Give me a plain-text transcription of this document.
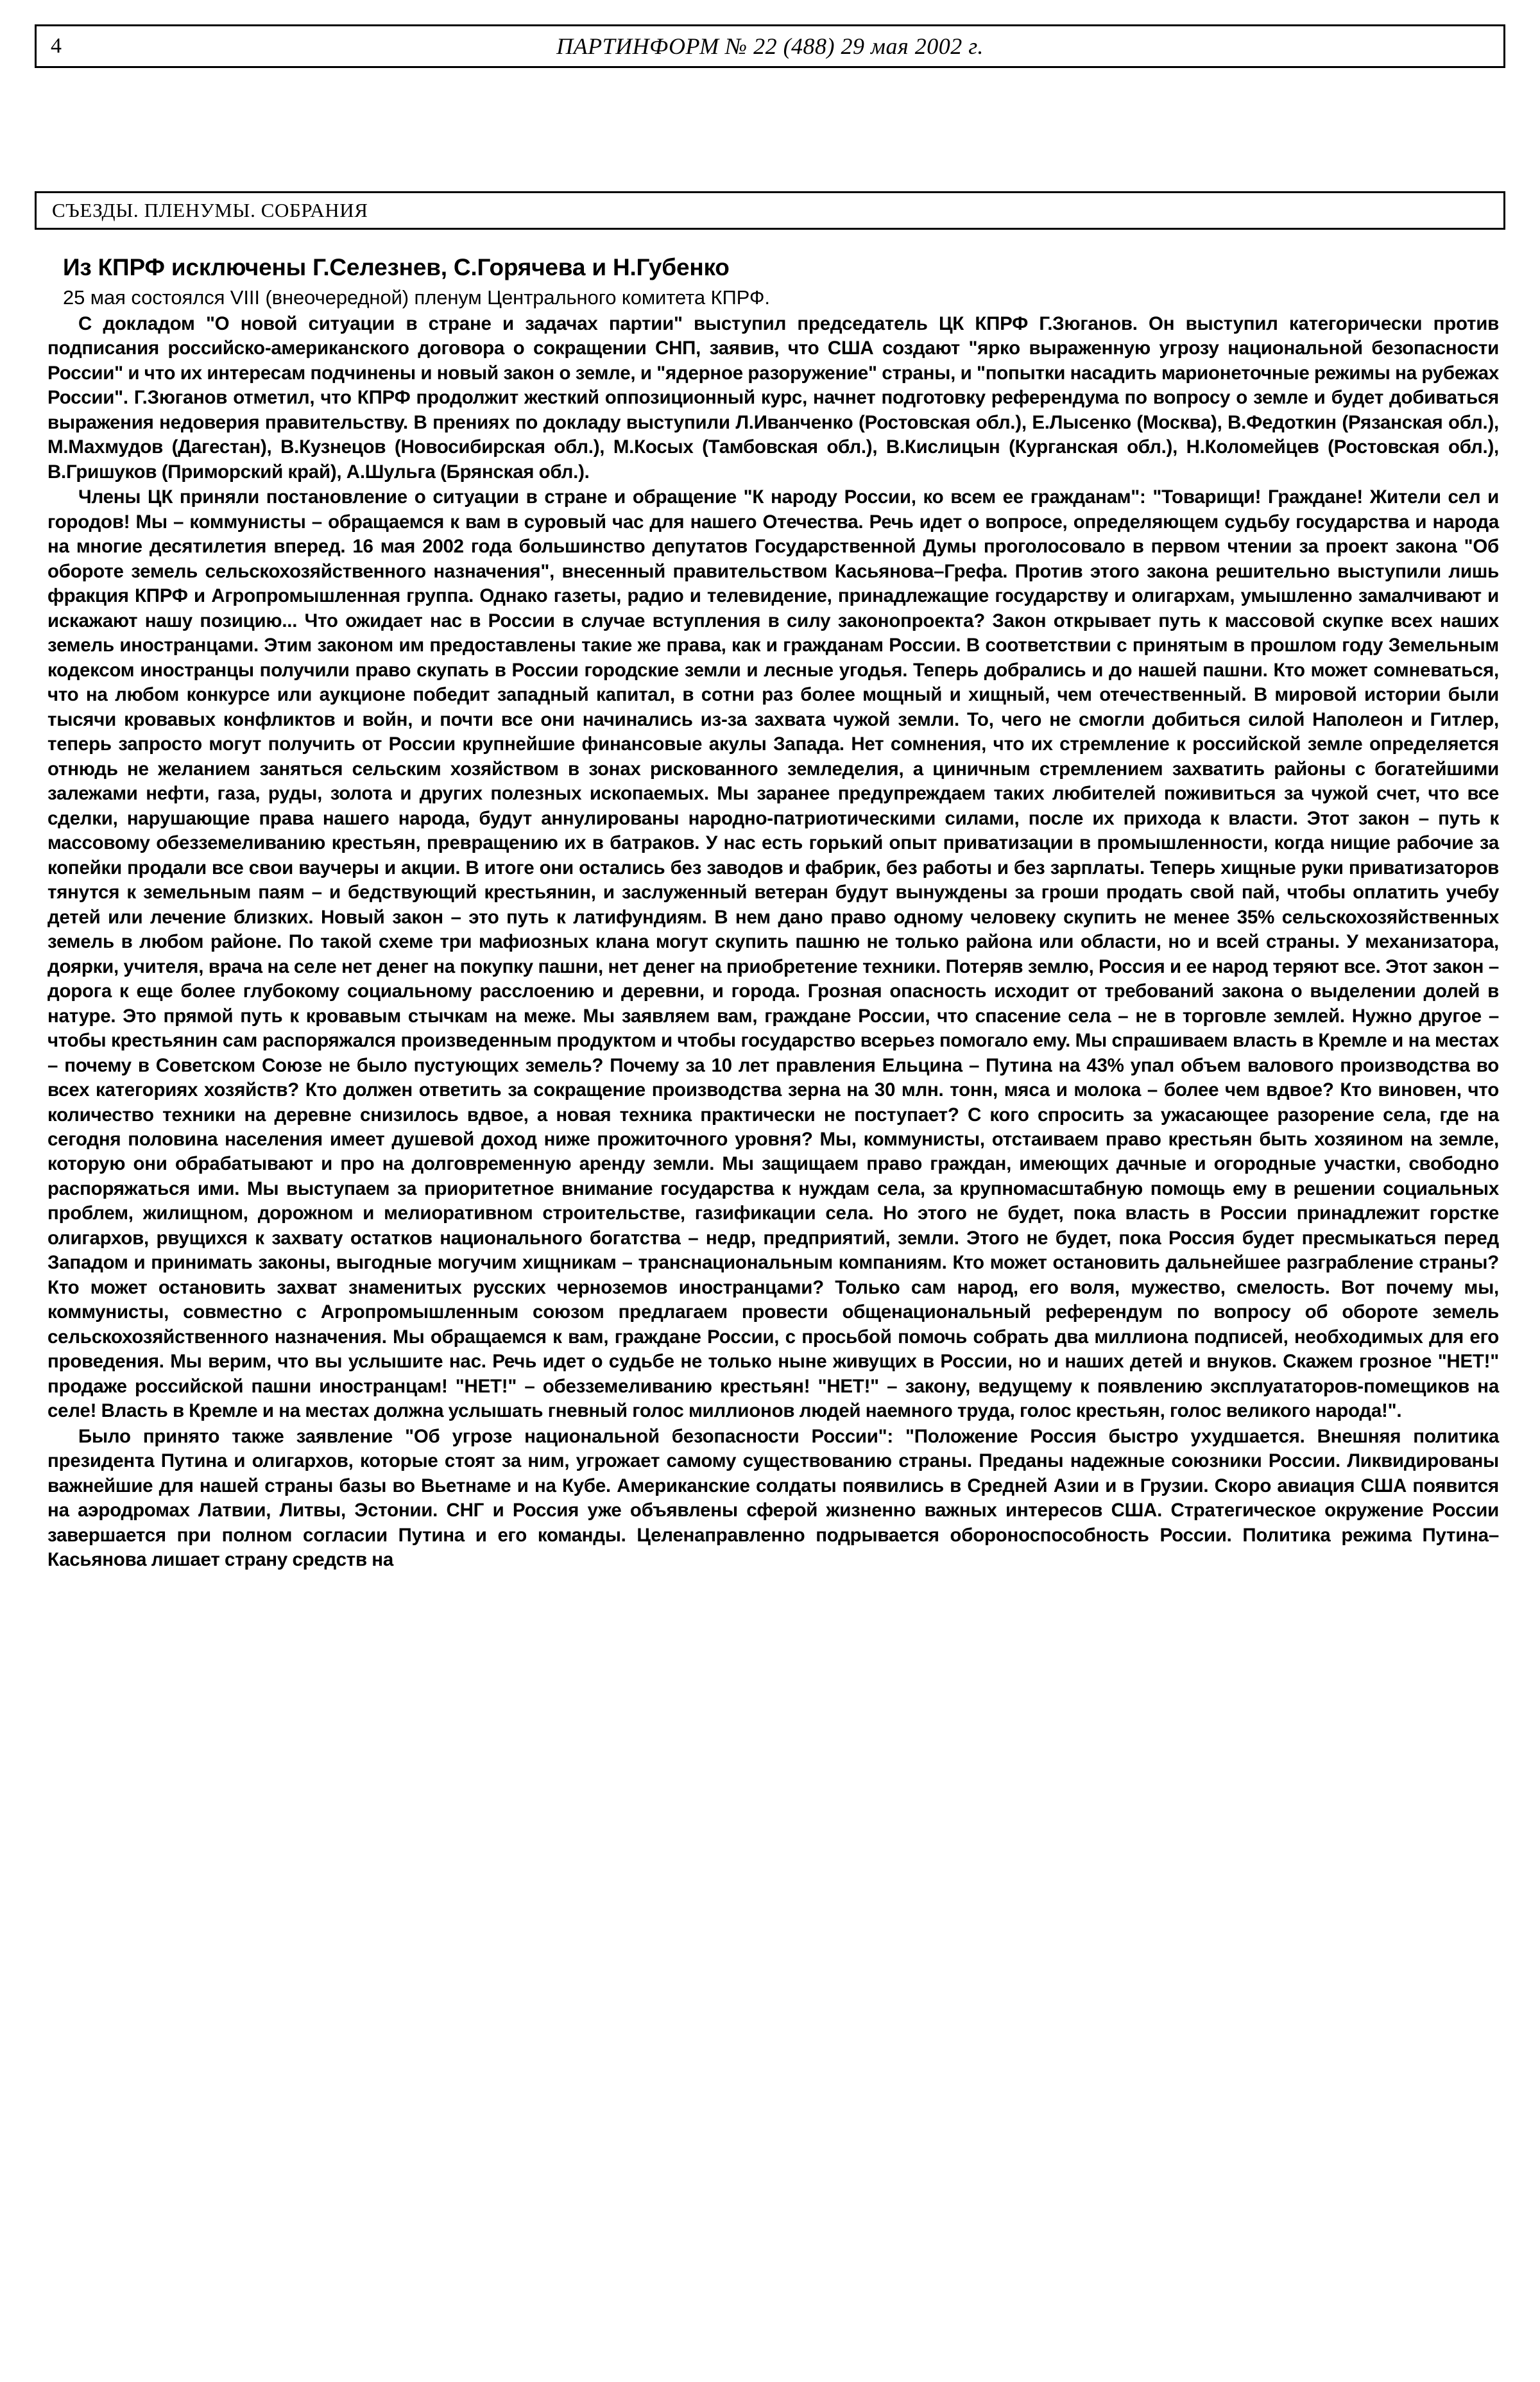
4	ПАРТИНФОРМ № 22 (488) 29 мая 2002 г.
СЪЕЗДЫ. ПЛЕНУМЫ. СОБРАНИЯ
Из КПРФ исключены Г.Селезнев, С.Горячева и Н.Губенко
25 мая состоялся VIII (внеочередной) пленум Центрального комитета КПРФ.

С докладом "О новой ситуации в стране и задачах партии" выступил председатель ЦК КПРФ Г.Зюганов. Он выступил категорически против подписания российско-американского договора о сокращении СНП, заявив, что США создают "ярко выраженную угрозу национальной безопасности России" и что их интересам подчинены и новый закон о земле, и "ядерное разоружение" страны, и "попытки насадить марионеточные режимы на рубежах России". Г.Зюганов отметил, что КПРФ продолжит жесткий оппозиционный курс, начнет подготовку референдума по вопросу о земле и будет добиваться выражения недоверия правительству. В прениях по докладу выступили Л.Иванченко (Ростовская обл.), Е.Лысенко (Москва), В.Федоткин (Рязанская обл.), М.Махмудов (Дагестан), В.Кузнецов (Новосибирская обл.), М.Косых (Тамбовская обл.), В.Кислицын (Курганская обл.), Н.Коломейцев (Ростовская обл.), В.Гришуков (Приморский край), А.Шульга (Брянская обл.).

Члены ЦК приняли постановление о ситуации в стране и обращение "К народу России, ко всем ее гражданам": "Товарищи! Граждане! Жители сел и городов! Мы – коммунисты – обращаемся к вам в суровый час для нашего Отечества. Речь идет о вопросе, определяющем судьбу государства и народа на многие десятилетия вперед. 16 мая 2002 года большинство депутатов Государственной Думы проголосовало в первом чтении за проект закона "Об обороте земель сельскохозяйственного назначения", внесенный правительством Касьянова–Грефа. Против этого закона решительно выступили лишь фракция КПРФ и Агропромышленная группа. Однако газеты, радио и телевидение, принадлежащие государству и олигархам, умышленно замалчивают и искажают нашу позицию... Что ожидает нас в России в случае вступления в силу законопроекта? Закон открывает путь к массовой скупке всех наших земель иностранцами. Этим законом им предоставлены такие же права, как и гражданам России. В соответствии с принятым в прошлом году Земельным кодексом иностранцы получили право скупать в России городские земли и лесные угодья. Теперь добрались и до нашей пашни. Кто может сомневаться, что на любом конкурсе или аукционе победит западный капитал, в сотни раз более мощный и хищный, чем отечественный. В мировой истории были тысячи кровавых конфликтов и войн, и почти все они начинались из-за захвата чужой земли. То, чего не смогли добиться силой Наполеон и Гитлер, теперь запросто могут получить от России крупнейшие финансовые акулы Запада. Нет сомнения, что их стремление к российской земле определяется отнюдь не желанием заняться сельским хозяйством в зонах рискованного земледелия, а циничным стремлением захватить районы с богатейшими залежами нефти, газа, руды, золота и других полезных ископаемых. Мы заранее предупреждаем таких любителей поживиться за чужой счет, что все сделки, нарушающие права нашего народа, будут аннулированы народно-патриотическими силами, после их прихода к власти. Этот закон – путь к массовому обезземеливанию крестьян, превращению их в батраков. У нас есть горький опыт приватизации в промышленности, когда нищие рабочие за копейки продали все свои ваучеры и акции. В итоге они остались без заводов и фабрик, без работы и без зарплаты. Теперь хищные руки приватизаторов тянутся к земельным паям – и бедствующий крестьянин, и заслуженный ветеран будут вынуждены за гроши продать свой пай, чтобы оплатить учебу детей или лечение близких. Новый закон – это путь к латифундиям. В нем дано право одному человеку скупить не менее 35% сельскохозяйственных земель в любом районе. По такой схеме три мафиозных клана могут скупить пашню не только района или области, но и всей страны. У механизатора, доярки, учителя, врача на селе нет денег на покупку пашни, нет денег на приобретение техники. Потеряв землю, Россия и ее народ теряют все. Этот закон – дорога к еще более глубокому социальному расслоению и деревни, и города. Грозная опасность исходит от требований закона о выделении долей в натуре. Это прямой путь к кровавым стычкам на меже. Мы заявляем вам, граждане России, что спасение села – не в торговле землей. Нужно другое – чтобы крестьянин сам распоряжался произведенным продуктом и чтобы государство всерьез помогало ему. Мы спрашиваем власть в Кремле и на местах – почему в Советском Союзе не было пустующих земель? Почему за 10 лет правления Ельцина – Путина на 43% упал объем валового производства во всех категориях хозяйств? Кто должен ответить за сокращение производства зерна на 30 млн. тонн, мяса и молока – более чем вдвое? Кто виновен, что количество техники на деревне снизилось вдвое, а новая техника практически не поступает? С кого спросить за ужасающее разорение села, где на сегодня половина населения имеет душевой доход ниже прожиточного уровня? Мы, коммунисты, отстаиваем право крестьян быть хозяином на земле, которую они обрабатывают и про на долговременную аренду земли. Мы защищаем право граждан, имеющих дачные и огородные участки, свободно распоряжаться ими. Мы выступаем за приоритетное внимание государства к нуждам села, за крупномасштабную помощь ему в решении социальных проблем, жилищном, дорожном и мелиоративном строительстве, газификации села. Но этого не будет, пока власть в России принадлежит горстке олигархов, рвущихся к захвату остатков национального богатства – недр, предприятий, земли. Этого не будет, пока Россия будет пресмыкаться перед Западом и принимать законы, выгодные могучим хищникам – транснациональным компаниям. Кто может остановить дальнейшее разграбление страны? Кто может остановить захват знаменитых русских черноземов иностранцами? Только сам народ, его воля, мужество, смелость. Вот почему мы, коммунисты, совместно с Агропромышленным союзом предлагаем провести общенациональный референдум по вопросу об обороте земель сельскохозяйственного назначения. Мы обращаемся к вам, граждане России, с просьбой помочь собрать два миллиона подписей, необходимых для его проведения. Мы верим, что вы услышите нас. Речь идет о судьбе не только ныне живущих в России, но и наших детей и внуков. Скажем грозное "НЕТ!" продаже российской пашни иностранцам! "НЕТ!" – обезземеливанию крестьян! "НЕТ!" – закону, ведущему к появлению эксплуататоров-помещиков на селе! Власть в Кремле и на местах должна услышать гневный голос миллионов людей наемного труда, голос крестьян, голос великого народа!".

Было принято также заявление "Об угрозе национальной безопасности России": "Положение Россия быстро ухудшается. Внешняя политика президента Путина и олигархов, которые стоят за ним, угрожает самому существованию страны. Преданы надежные союзники России. Ликвидированы важнейшие для нашей страны базы во Вьетнаме и на Кубе. Американские солдаты появились в Средней Азии и в Грузии. Скоро авиация США появится на аэродромах Латвии, Литвы, Эстонии. СНГ и Россия уже объявлены сферой жизненно важных интересов США. Стратегическое окружение России завершается при полном согласии Путина и его команды. Целенаправленно подрывается обороноспособность России. Политика режима Путина–Касьянова лишает страну средств на
